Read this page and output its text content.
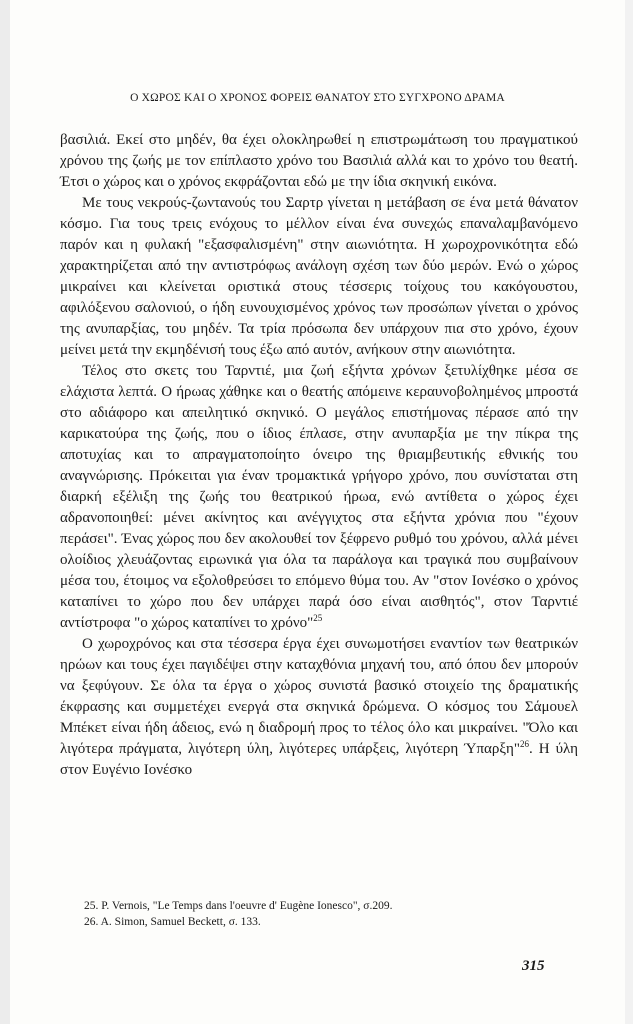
Ο ΧΩΡΟΣ ΚΑΙ Ο ΧΡΟΝΟΣ ΦΟΡΕΙΣ ΘΑΝΑΤΟΥ ΣΤΟ ΣΥΓΧΡΟΝΟ ΔΡΑΜΑ

βασιλιά. Εκεί στο μηδέν, θα έχει ολοκληρωθεί η επιστρωμάτωση του πραγματικού χρόνου της ζωής με τον επίπλαστο χρόνο του Βασιλιά αλλά και το χρόνο του θεατή. Έτσι ο χώρος και ο χρόνος εκφράζονται εδώ με την ίδια σκηνική εικόνα.

Με τους νεκρούς-ζωντανούς του Σαρτρ γίνεται η μετάβαση σε ένα μετά θάνατον κόσμο. Για τους τρεις ενόχους το μέλλον είναι ένα συνεχώς επαναλαμβανόμενο παρόν και η φυλακή "εξασφαλισμένη" στην αιωνιότητα. Η χωροχρονικότητα εδώ χαρακτηρίζεται από την αντιστρόφως ανάλογη σχέση των δύο μερών. Ενώ ο χώρος μικραίνει και κλείνεται οριστικά στους τέσσερις τοίχους του κακόγουστου, αφιλόξενου σαλονιού, ο ήδη ευνουχισμένος χρόνος των προσώπων γίνεται ο χρόνος της ανυπαρξίας, του μηδέν. Τα τρία πρόσωπα δεν υπάρχουν πια στο χρόνο, έχουν μείνει μετά την εκμηδένισή τους έξω από αυτόν, ανήκουν στην αιωνιότητα.

Τέλος στο σκετς του Ταρντιέ, μια ζωή εξήντα χρόνων ξετυλίχθηκε μέσα σε ελάχιστα λεπτά. Ο ήρωας χάθηκε και ο θεατής απόμεινε κεραυνοβολημένος μπροστά στο αδιάφορο και απειλητικό σκηνικό. Ο μεγάλος επιστήμονας πέρασε από την καρικατούρα της ζωής, που ο ίδιος έπλασε, στην ανυπαρξία με την πίκρα της αποτυχίας και το απραγματοποίητο όνειρο της θριαμβευτικής εθνικής του αναγνώρισης. Πρόκειται για έναν τρομακτικά γρήγορο χρόνο, που συνίσταται στη διαρκή εξέλιξη της ζωής του θεατρικού ήρωα, ενώ αντίθετα ο χώρος έχει αδρανοποιηθεί: μένει ακίνητος και ανέγγιχτος στα εξήντα χρόνια που "έχουν περάσει". Ένας χώρος που δεν ακολουθεί τον ξέφρενο ρυθμό του χρόνου, αλλά μένει ολοίδιος χλευάζοντας ειρωνικά για όλα τα παράλογα και τραγικά που συμβαίνουν μέσα του, έτοιμος να εξολοθρεύσει το επόμενο θύμα του. Αν "στον Ιονέσκο ο χρόνος καταπίνει το χώρο που δεν υπάρχει παρά όσο είναι αισθητός", στον Ταρντιέ αντίστροφα "ο χώρος καταπίνει το χρόνο"$^{25}$

Ο χωροχρόνος και στα τέσσερα έργα έχει συνωμοτήσει εναντίον των θεατρικών ηρώων και τους έχει παγιδέψει στην καταχθόνια μηχανή του, από όπου δεν μπορούν να ξεφύγουν. Σε όλα τα έργα ο χώρος συνιστά βασικό στοιχείο της δραματικής έκφρασης και συμμετέχει ενεργά στα σκηνικά δρώμενα. Ο κόσμος του Σάμουελ Μπέκετ είναι ήδη άδειος, ενώ η διαδρομή προς το τέλος όλο και μικραίνει. "Όλο και λιγότερα πράγματα, λιγότερη ύλη, λιγότερες υπάρξεις, λιγότερη Ύπαρξη"$^{26}$. Η ύλη στον Ευγένιο Ιονέσκο

25. P. Vernois, "Le Temps dans l'oeuvre d' Eugène Ionesco", σ.209.
26. A. Simon, Samuel Beckett, σ. 133.
315
